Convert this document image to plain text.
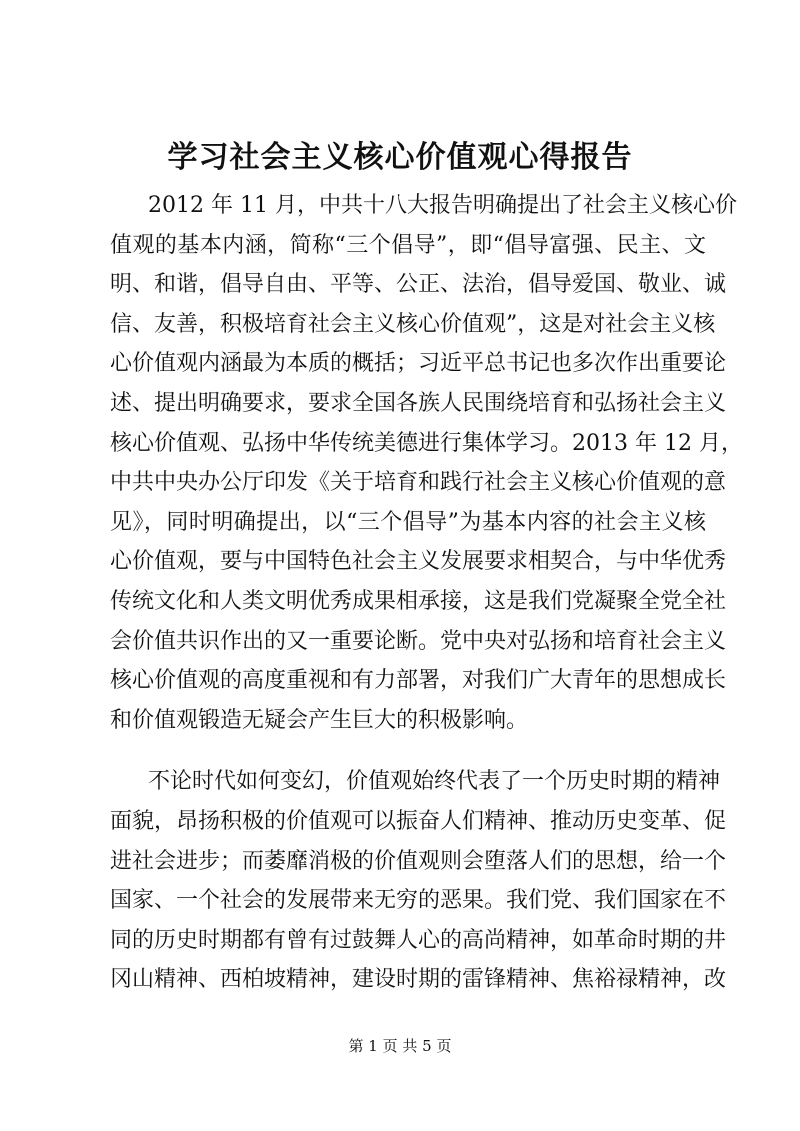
学习社会主义核心价值观心得报告
2012 年 11 月，中共十八大报告明确提出了社会主义核心价
值观的基本内涵，简称“三个倡导”，即“倡导富强、民主、文
明、和谐，倡导自由、平等、公正、法治，倡导爱国、敬业、诚
信、友善，积极培育社会主义核心价值观”，这是对社会主义核
心价值观内涵最为本质的概括；习近平总书记也多次作出重要论
述、提出明确要求，要求全国各族人民围绕培育和弘扬社会主义
核心价值观、弘扬中华传统美德进行集体学习。2013 年 12 月，
中共中央办公厅印发《关于培育和践行社会主义核心价值观的意
见》，同时明确提出，以“三个倡导”为基本内容的社会主义核
心价值观，要与中国特色社会主义发展要求相契合，与中华优秀
传统文化和人类文明优秀成果相承接，这是我们党凝聚全党全社
会价值共识作出的又一重要论断。党中央对弘扬和培育社会主义
核心价值观的高度重视和有力部署，对我们广大青年的思想成长
和价值观锻造无疑会产生巨大的积极影响。
不论时代如何变幻，价值观始终代表了一个历史时期的精神
面貌，昂扬积极的价值观可以振奋人们精神、推动历史变革、促
进社会进步；而萎靡消极的价值观则会堕落人们的思想，给一个
国家、一个社会的发展带来无穷的恶果。我们党、我们国家在不
同的历史时期都有曾有过鼓舞人心的高尚精神，如革命时期的井
冈山精神、西柏坡精神，建设时期的雷锋精神、焦裕禄精神，改
第 1 页 共 5 页
